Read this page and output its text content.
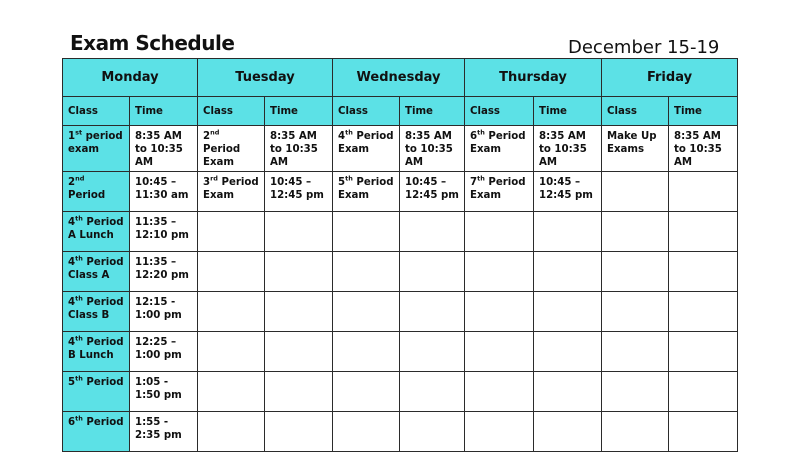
Exam Schedule	December 15-19
Monday		Tuesday		Wednesday		Thursday		Friday	
Class	Time	Class	Time	Class	Time	Class	Time	Class	Time
1st period exam	8:35 AM to 10:35 AM	2nd Period Exam	8:35 AM to 10:35 AM	4th Period Exam	8:35 AM to 10:35 AM	6th Period Exam	8:35 AM to 10:35 AM	Make Up Exams	8:35 AM to 10:35 AM
2nd Period	10:45 – 11:30 am	3rd Period Exam	10:45 – 12:45 pm	5th Period Exam	10:45 – 12:45 pm	7th Period Exam	10:45 – 12:45 pm		
4th Period A Lunch	11:35 – 12:10 pm								
4th Period Class A	11:35 – 12:20 pm								
4th Period Class B	12:15 - 1:00 pm								
4th Period B Lunch	12:25 – 1:00 pm								
5th Period	1:05 - 1:50 pm								
6th Period	1:55 - 2:35 pm								
